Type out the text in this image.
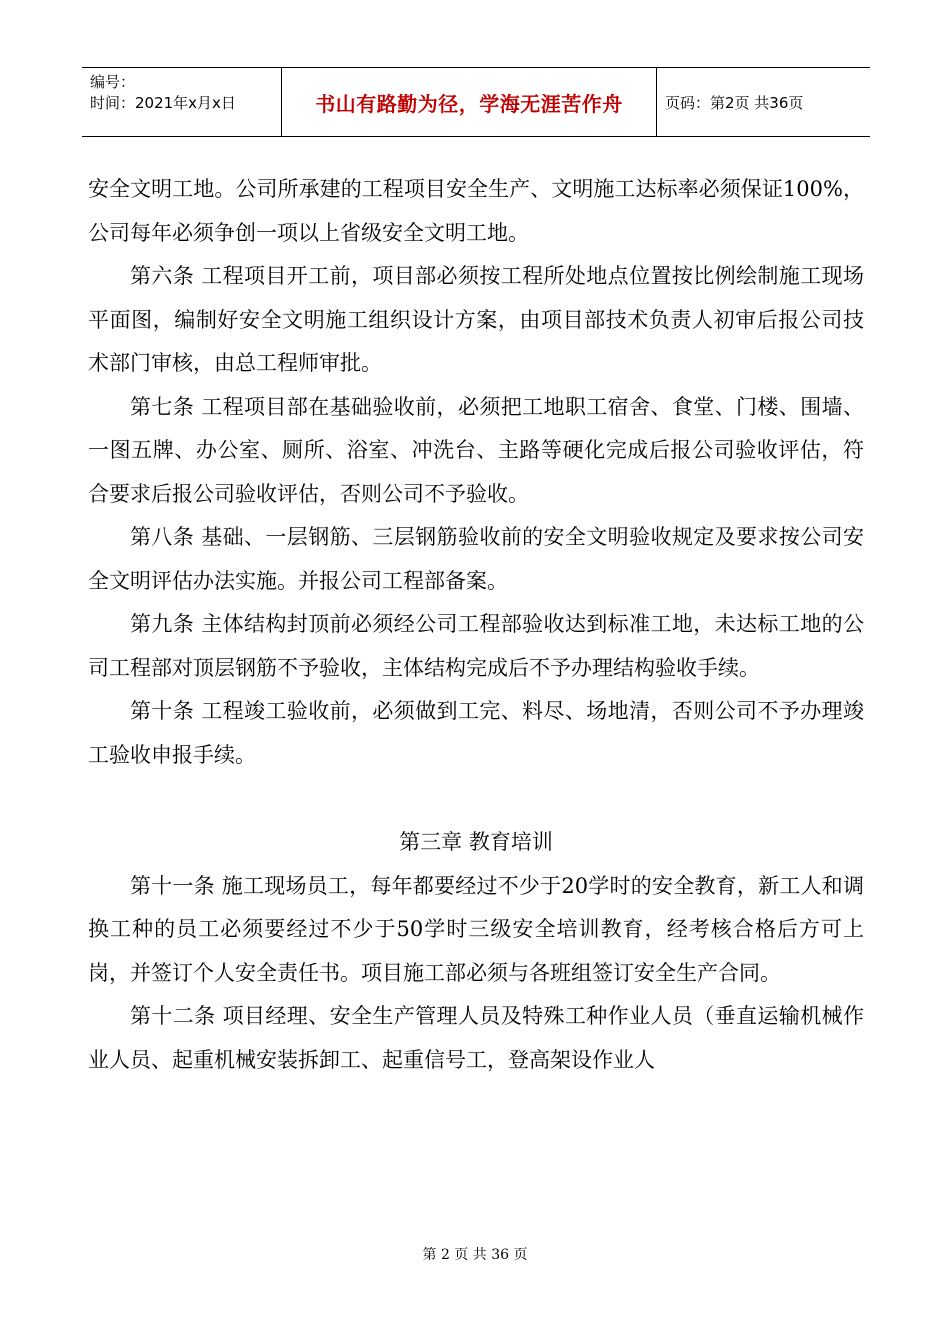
编号：
时间：2021年x月x日	书山有路勤为径，学海无涯苦作舟	页码：第2页 共36页

安全文明工地。公司所承建的工程项目安全生产、文明施工达标率必须保证100%，公司每年必须争创一项以上省级安全文明工地。

第六条 工程项目开工前，项目部必须按工程所处地点位置按比例绘制施工现场平面图，编制好安全文明施工组织设计方案，由项目部技术负责人初审后报公司技术部门审核，由总工程师审批。

第七条 工程项目部在基础验收前，必须把工地职工宿舍、食堂、门楼、围墙、一图五牌、办公室、厕所、浴室、冲洗台、主路等硬化完成后报公司验收评估，符合要求后报公司验收评估，否则公司不予验收。

第八条 基础、一层钢筋、三层钢筋验收前的安全文明验收规定及要求按公司安全文明评估办法实施。并报公司工程部备案。

第九条 主体结构封顶前必须经公司工程部验收达到标准工地，未达标工地的公司工程部对顶层钢筋不予验收，主体结构完成后不予办理结构验收手续。

第十条 工程竣工验收前，必须做到工完、料尽、场地清，否则公司不予办理竣工验收申报手续。

第三章 教育培训

第十一条 施工现场员工，每年都要经过不少于20学时的安全教育，新工人和调换工种的员工必须要经过不少于50学时三级安全培训教育，经考核合格后方可上岗，并签订个人安全责任书。项目施工部必须与各班组签订安全生产合同。

第十二条 项目经理、安全生产管理人员及特殊工种作业人员（垂直运输机械作业人员、起重机械安装拆卸工、起重信号工，登高架设作业人

第 2 页 共 36 页
